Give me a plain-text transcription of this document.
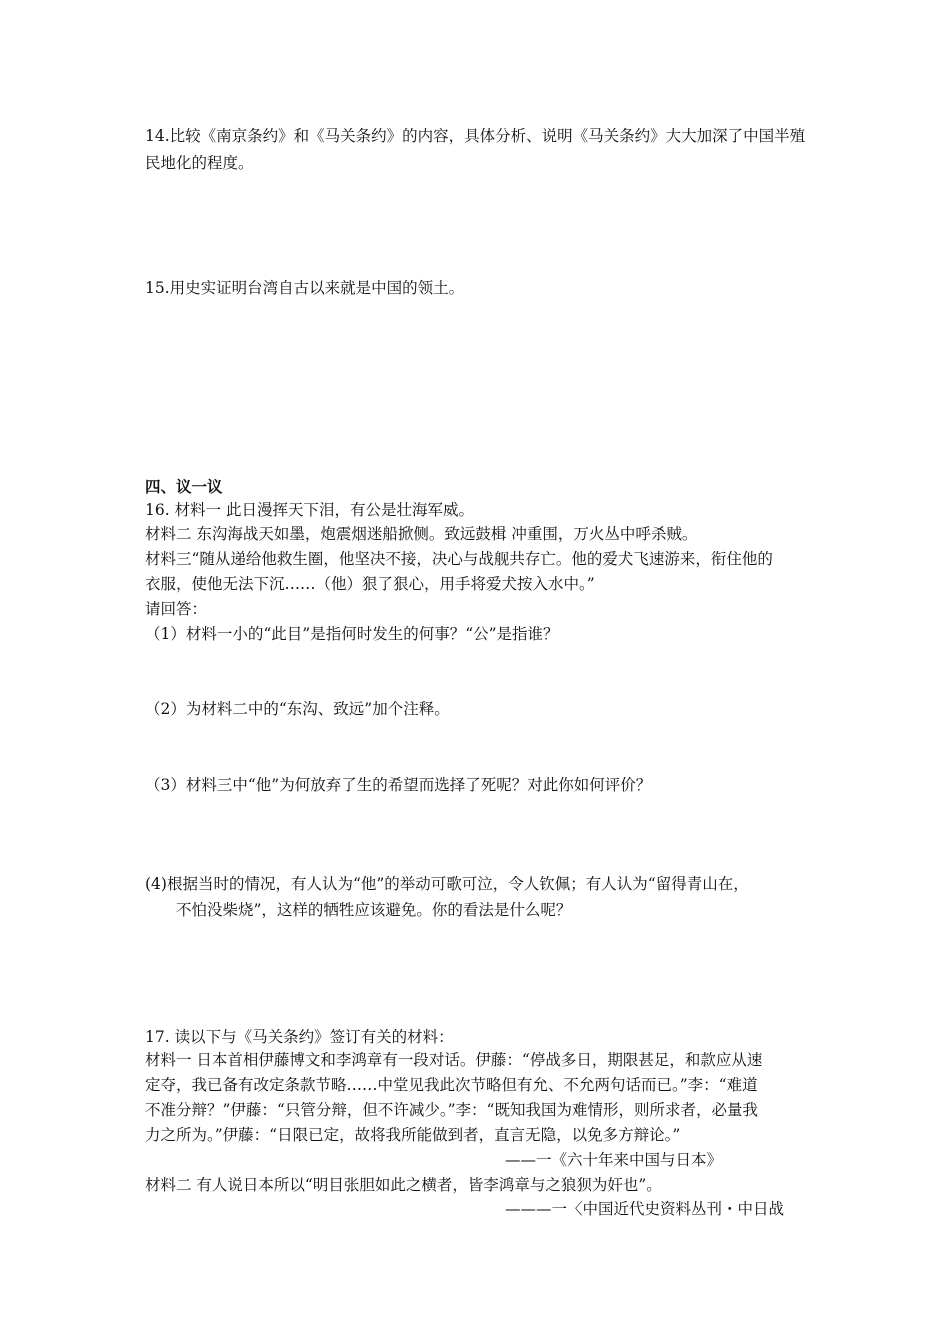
14.比较《南京条约》和《马关条约》的内容，具体分析、说明《马关条约》大大加深了中国半殖
民地化的程度。
15.用史实证明台湾自古以来就是中国的领土。
四、议一议
16. 材料一 此日漫挥天下泪，有公是壮海军威。
材料二 东沟海战天如墨，炮震烟迷船掀侧。致远鼓楫 冲重围，万火丛中呼杀贼。
材料三“随从递给他救生圈，他坚决不接，决心与战舰共存亡。他的爱犬飞速游来，衔住他的
衣服，使他无法下沉……（他）狠了狠心，用手将爱犬按入水中。”
请回答：
（1）材料一小的“此目”是指何时发生的何事？“公”是指谁？
（2）为材料二中的“东沟、致远”加个注释。
（3）材料三中“他”为何放弃了生的希望而选择了死呢？对此你如何评价？
(4)根据当时的情况，有人认为“他”的举动可歌可泣，令人钦佩；有人认为“留得青山在，
不怕没柴烧”，这样的牺牲应该避免。你的看法是什么呢？
17. 读以下与《马关条约》签订有关的材料：
材料一 日本首相伊藤博文和李鸿章有一段对话。伊藤：“停战多日，期限甚足，和款应从速
定夺，我已备有改定条款节略……中堂见我此次节略但有允、不允两句话而已。”李：“难道
不准分辩？”伊藤：“只管分辩，但不许减少。”李：“既知我国为难情形，则所求者，必量我
力之所为。”伊藤：“日限已定，故将我所能做到者，直言无隐，以免多方辩论。”
——一《六十年来中国与日本》
材料二 有人说日本所以“明目张胆如此之横者，皆李鸿章与之狼狈为奸也”。
———一〈中国近代史资料丛刊・中日战
